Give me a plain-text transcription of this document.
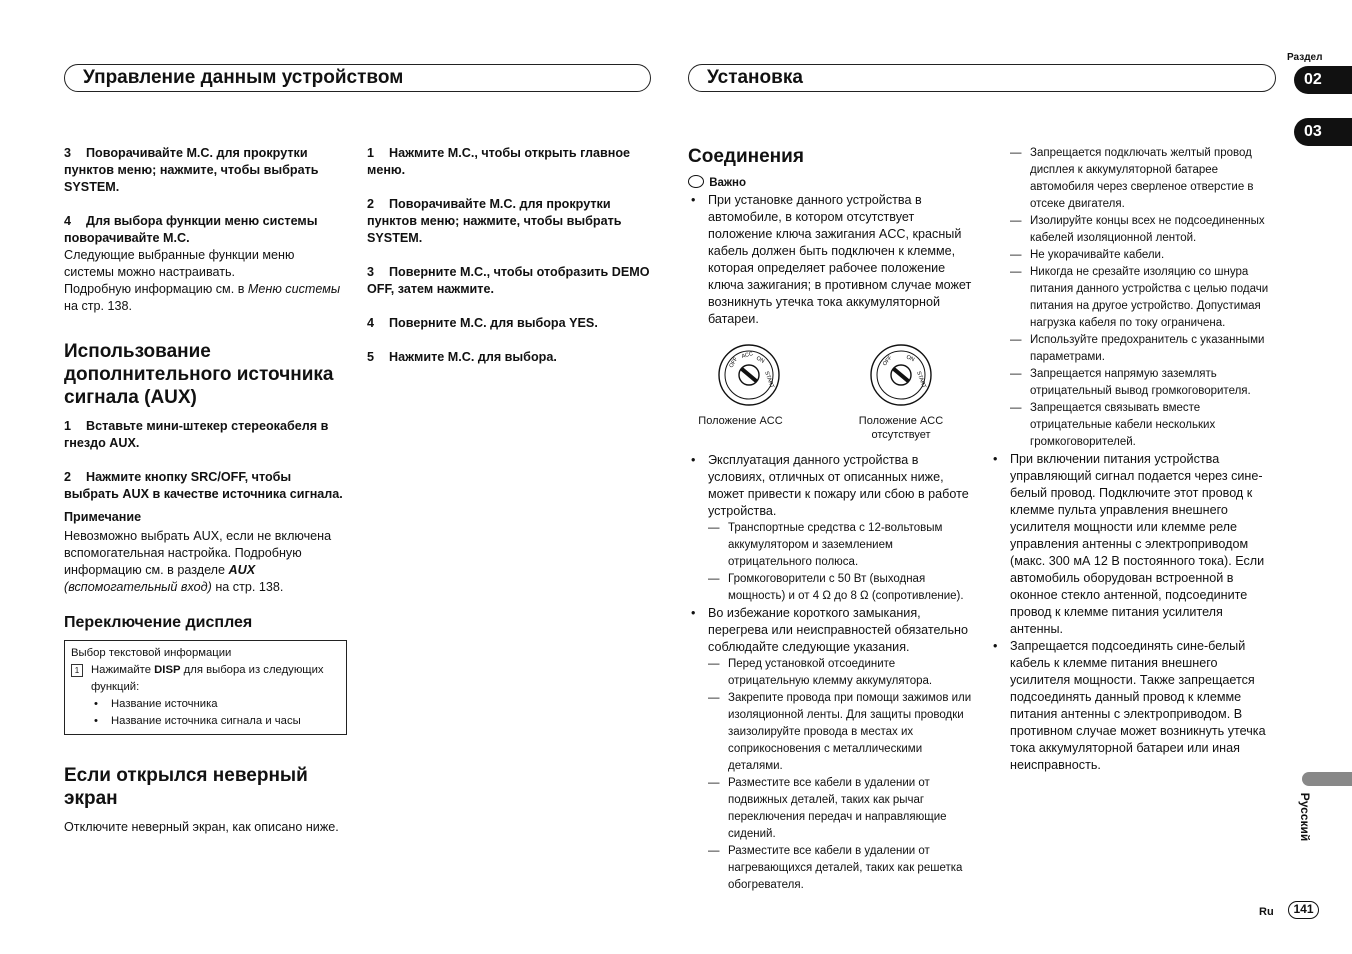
Управление данным устройством	Установка
Раздел
02
03
Русский
Ru	141

3 Поворачивайте M.C. для прокрутки пунктов меню; нажмите, чтобы выбрать SYSTEM.

4 Для выбора функции меню системы поворачивайте M.C.

Следующие выбранные функции меню системы можно настраивать.

Подробную информацию см. в Меню системы на стр. 138.

Использование дополнительного источника сигнала (AUX)

1 Вставьте мини-штекер стереокабеля в гнездо AUX.

2 Нажмите кнопку SRC/OFF, чтобы выбрать AUX в качестве источника сигнала.

Примечание

Невозможно выбрать AUX, если не включена вспомогательная настройка. Подробную информацию см. в разделе AUX (вспомогательный вход) на стр. 138.

Переключение дисплея

Выбор текстовой информации

1	Нажимайте DISP для выбора из следующих функций:

• Название источника
• Название источника сигнала и часы
Если открылся неверный экран

Отключите неверный экран, как описано ниже.

1 Нажмите M.C., чтобы открыть главное меню.

2 Поворачивайте M.C. для прокрутки пунктов меню; нажмите, чтобы выбрать SYSTEM.

3 Поверните M.C., чтобы отобразить DEMO OFF, затем нажмите.

4 Поверните M.C. для выбора YES.

5 Нажмите M.C. для выбора.

Соединения

Важно

• При установке данного устройства в автомобиле, в котором отсутствует положение ключа зажигания ACC, красный кабель должен быть подключен к клемме, которая определяет рабочее положение ключа зажигания; в противном случае может возникнуть утечка тока аккумуляторной батареи.
OFF
ACC
ON
START
Положение ACC
OFF ON
START
Положение ACC отсутствует
• Эксплуатация данного устройства в условиях, отличных от описанных ниже, может привести к пожару или сбою в работе устройства.
— Транспортные средства с 12-вольтовым аккумулятором и заземлением отрицательного полюса.
— Громкоговорители с 50 Вт (выходная мощность) и от 4 Ω до 8 Ω (сопротивление).
• Во избежание короткого замыкания, перегрева или неисправностей обязательно соблюдайте следующие указания.
— Перед установкой отсоедините отрицательную клемму аккумулятора.
— Закрепите провода при помощи зажимов или изоляционной ленты. Для защиты проводки заизолируйте провода в местах их соприкосновения с металлическими деталями.
— Разместите все кабели в удалении от подвижных деталей, таких как рычаг переключения передач и направляющие сидений.
— Разместите все кабели в удалении от нагревающихся деталей, таких как решетка обогревателя.
— Запрещается подключать желтый провод дисплея к аккумуляторной батарее автомобиля через сверленое отверстие в отсеке двигателя.
— Изолируйте концы всех не подсоединенных кабелей изоляционной лентой.
— Не укорачивайте кабели.
— Никогда не срезайте изоляцию со шнура питания данного устройства с целью подачи питания на другое устройство. Допустимая нагрузка кабеля по току ограничена.
— Используйте предохранитель с указанными параметрами.
— Запрещается напрямую заземлять отрицательный вывод громкоговорителя.
— Запрещается связывать вместе отрицательные кабели нескольких громкоговорителей.
• При включении питания устройства управляющий сигнал подается через сине-белый провод. Подключите этот провод к клемме пульта управления внешнего усилителя мощности или клемме реле управления антенны с электроприводом (макс. 300 мА 12 В постоянного тока). Если автомобиль оборудован встроенной в оконное стекло антенной, подсоедините провод к клемме питания усилителя антенны.
• Запрещается подсоединять сине-белый кабель к клемме питания внешнего усилителя мощности. Также запрещается подсоединять данный провод к клемме питания антенны с электроприводом. В противном случае может возникнуть утечка тока аккумуляторной батареи или иная неисправность.
